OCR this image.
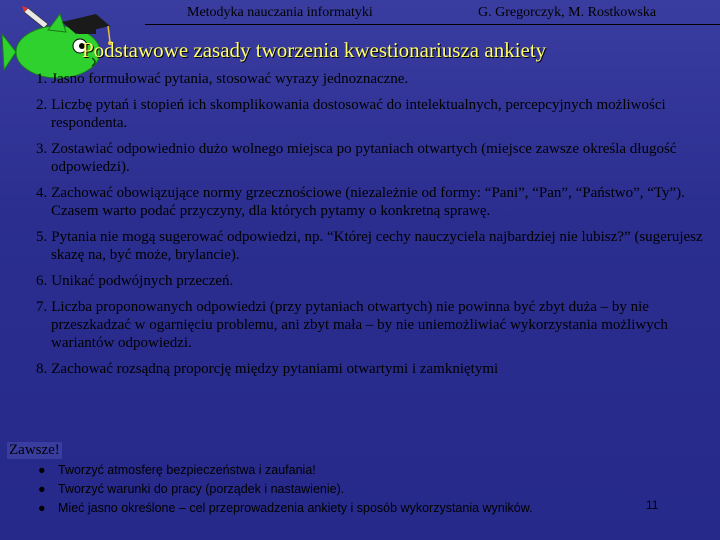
Metodyka nauczania informatyki	G. Gregorczyk, M. Rostkowska
Podstawowe zasady tworzenia kwestionariusza ankiety
1. Jasno formułować pytania, stosować wyrazy jednoznaczne.
2. Liczbę pytań i stopień ich skomplikowania dostosować do intelektualnych, percepcyjnych możliwości respondenta.
3. Zostawiać odpowiednio dużo wolnego miejsca po pytaniach otwartych (miejsce zawsze określa długość odpowiedzi).
4. Zachować obowiązujące normy grzecznościowe (niezależnie od formy: “Pani”, “Pan”, “Państwo”, “Ty”). Czasem warto podać przyczyny, dla których pytamy o konkretną sprawę.
5. Pytania nie mogą sugerować odpowiedzi, np. “Której cechy nauczyciela najbardziej nie lubisz?” (sugerujesz skazę na, być może, brylancie).
6. Unikać podwójnych przeczeń.
7. Liczba proponowanych odpowiedzi (przy pytaniach otwartych) nie powinna być zbyt duża – by nie przeszkadzać w ogarnięciu problemu, ani zbyt mała – by nie uniemożliwiać wykorzystania możliwych wariantów odpowiedzi.
8. Zachować rozsądną proporcję między pytaniami otwartymi i zamkniętymi
Zawsze!
● Tworzyć atmosferę bezpieczeństwa i zaufania!
● Tworzyć warunki do pracy (porządek i nastawienie).
● Mieć jasno określone – cel przeprowadzenia ankiety i sposób wykorzystania wyników.	11
